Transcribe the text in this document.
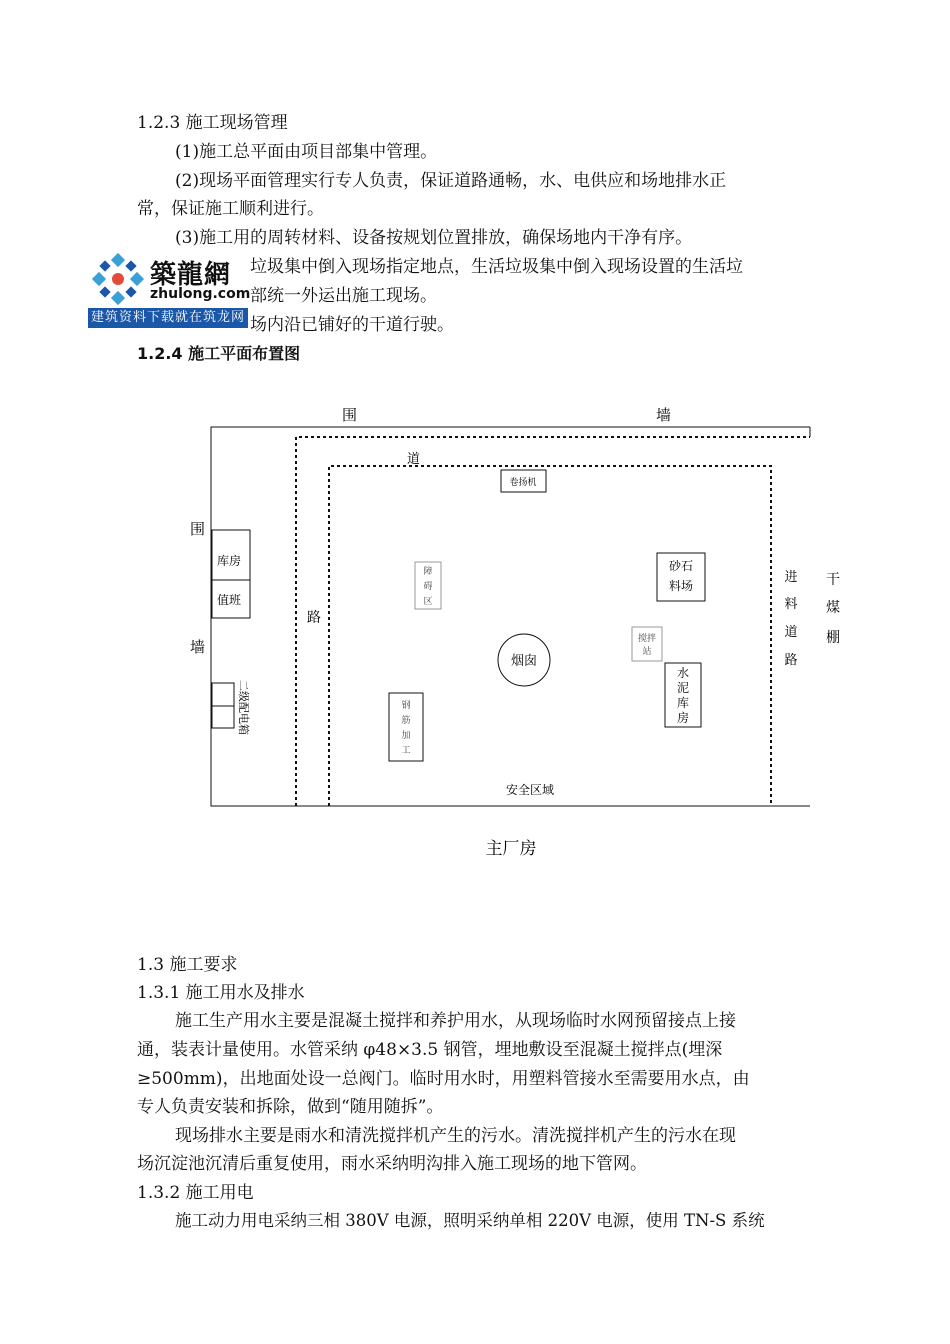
1.2.3 施工现场管理
(1)施工总平面由项目部集中管理。
(2)现场平面管理实行专人负责，保证道路通畅，水、电供应和场地排水正
常，保证施工顺利进行。
(3)施工用的周转材料、设备按规划位置排放，确保场地内干净有序。
垃圾集中倒入现场指定地点，生活垃圾集中倒入现场设置的生活垃
部统一外运出施工现场。
场内沿已铺好的干道行驶。
築龍網
zhulong.com
建筑资料下载就在筑龙网
1.2.4 施工平面布置图
围	墙
道
路
围
墙
卷扬机
库房
值班
二级配电箱
障
碍
区
砂石
料场
进
料
道
路
干
煤
棚
烟囱
搅拌
站
水
泥
库
房
钢
筋
加
工
安全区域
主厂房
1.3 施工要求
1.3.1 施工用水及排水
施工生产用水主要是混凝土搅拌和养护用水，从现场临时水网预留接点上接
通，装表计量使用。水管采纳 φ48×3.5 钢管，埋地敷设至混凝土搅拌点(埋深
≥500mm)，出地面处设一总阀门。临时用水时，用塑料管接水至需要用水点，由
专人负责安装和拆除，做到“随用随拆”。
现场排水主要是雨水和清洗搅拌机产生的污水。清洗搅拌机产生的污水在现
场沉淀池沉清后重复使用，雨水采纳明沟排入施工现场的地下管网。
1.3.2 施工用电
施工动力用电采纳三相 380V 电源，照明采纳单相 220V 电源，使用 TN-S 系统
